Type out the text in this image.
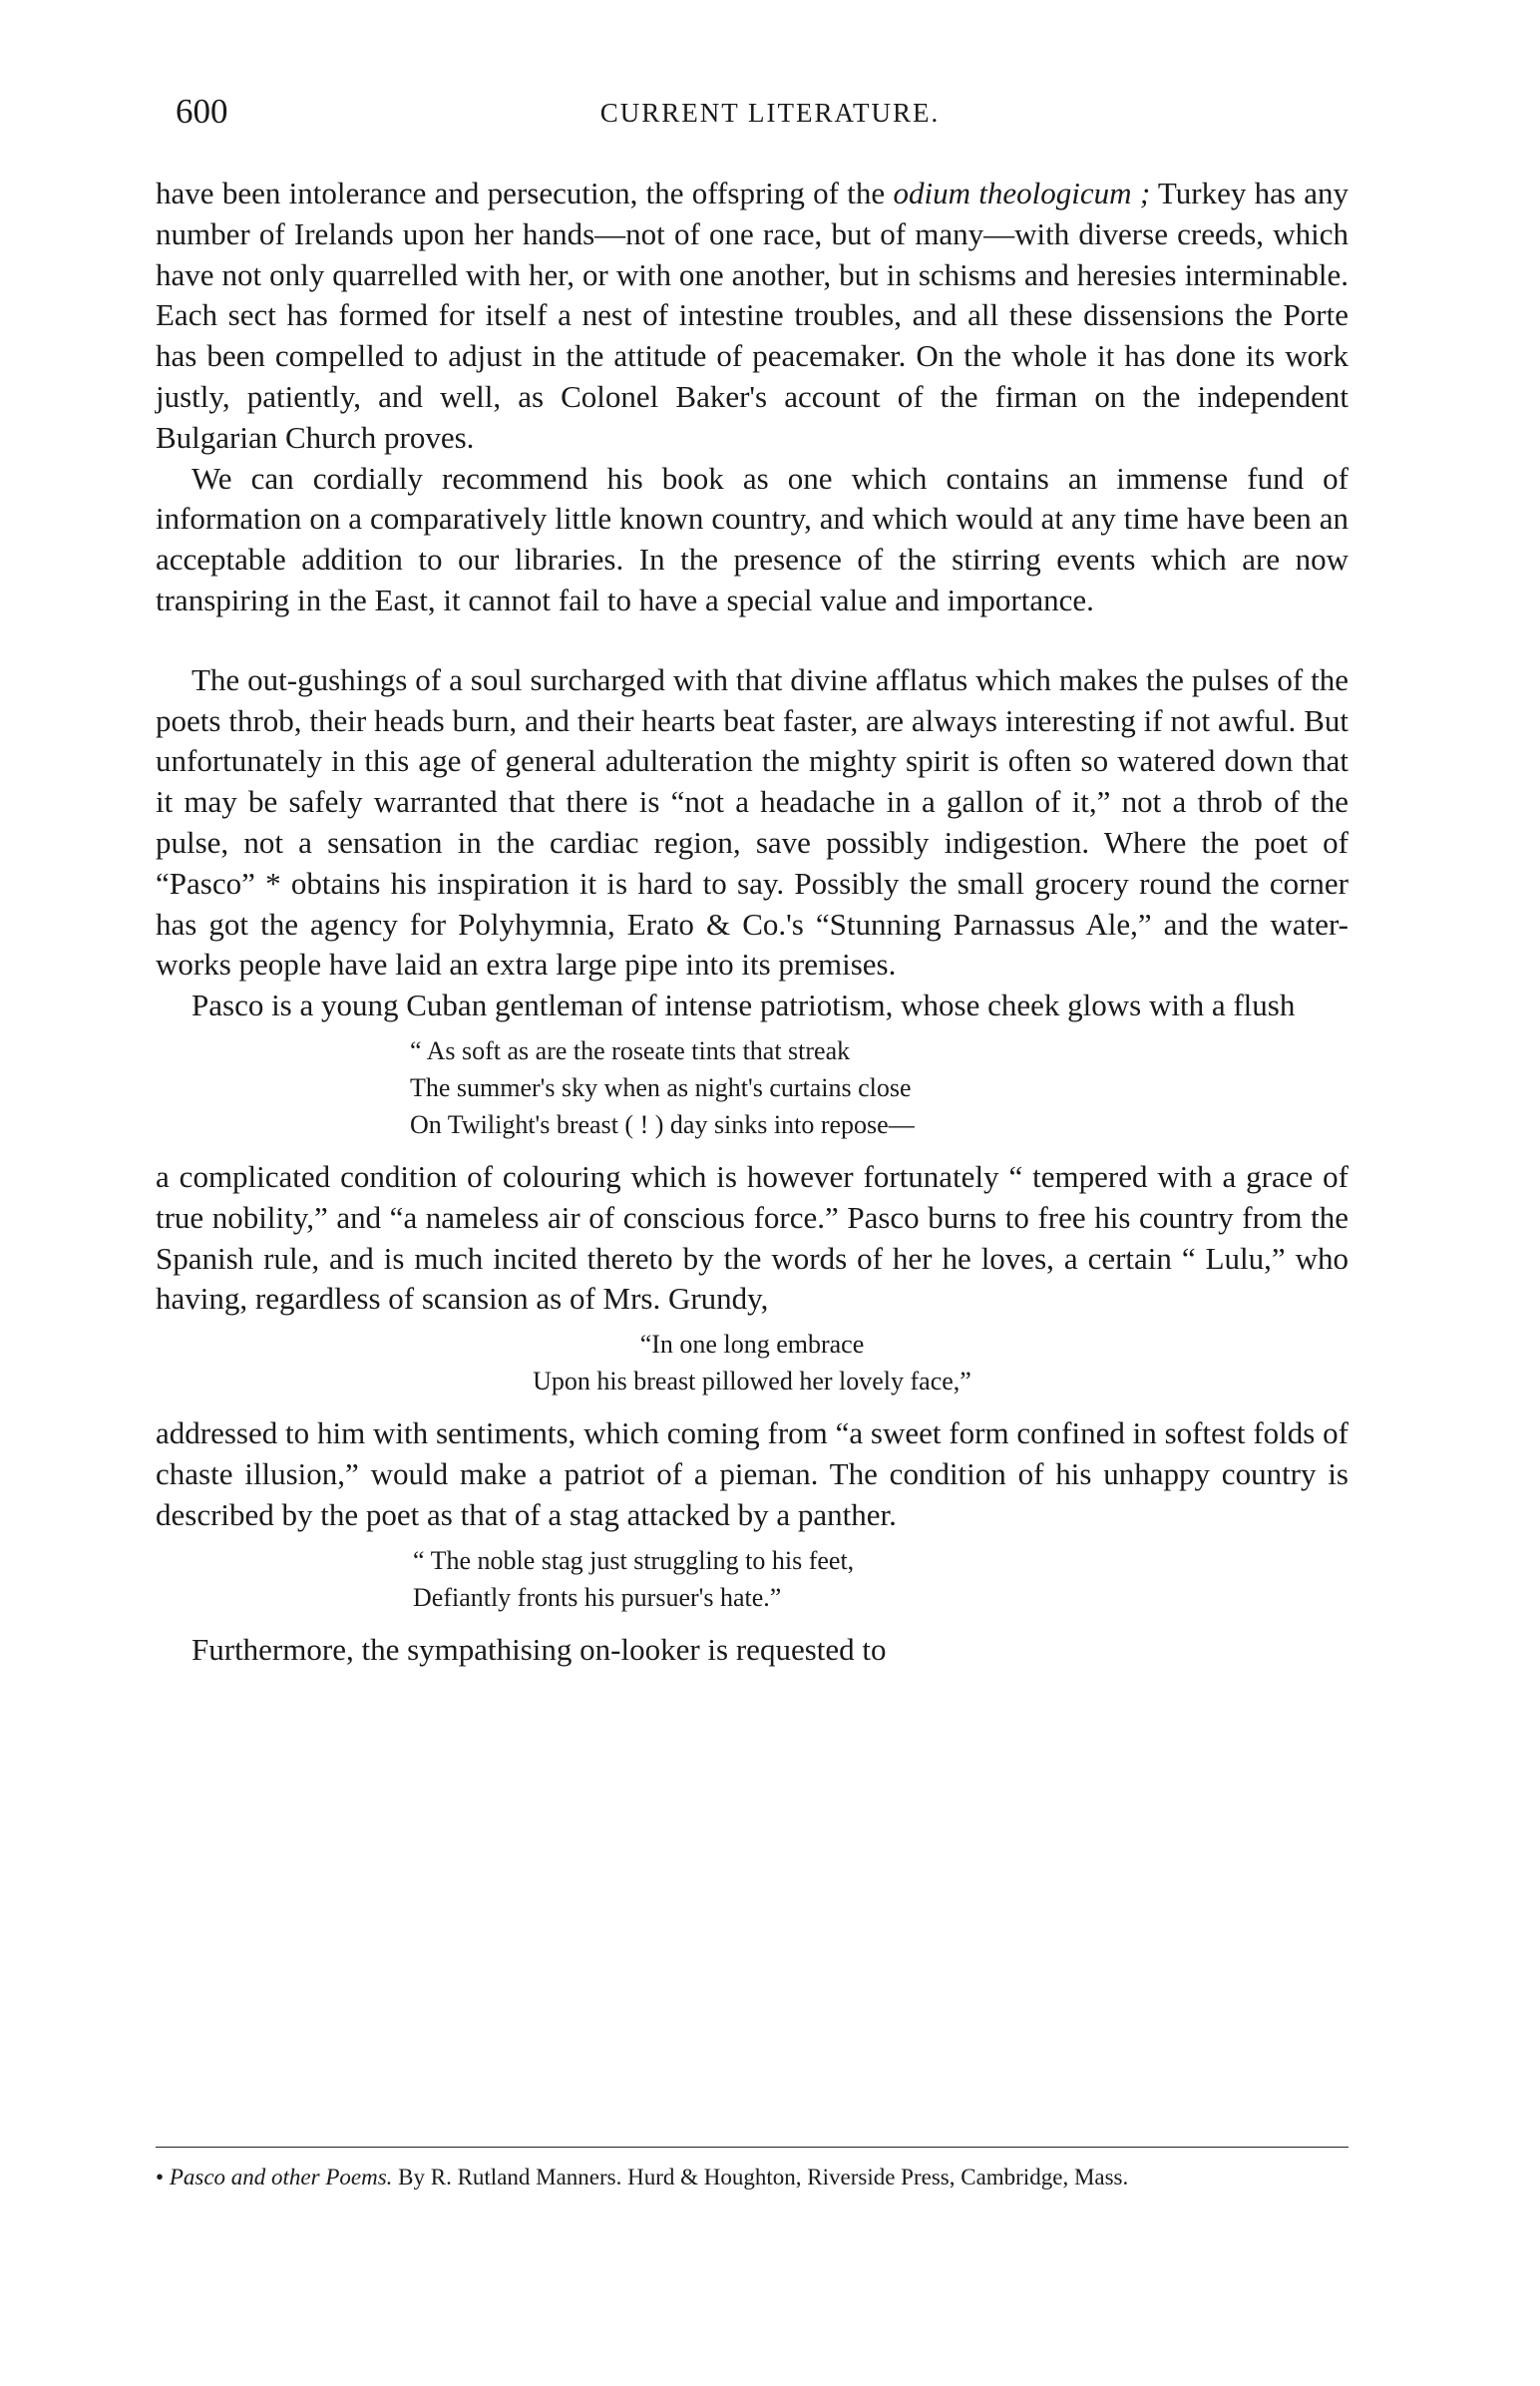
600	CURRENT LITERATURE.

have been intolerance and persecution, the offspring of the odium theologicum ; Turkey has any number of Irelands upon her hands—not of one race, but of many—with diverse creeds, which have not only quarrelled with her, or with one another, but in schisms and heresies interminable. Each sect has formed for itself a nest of intestine troubles, and all these dissensions the Porte has been compelled to adjust in the attitude of peacemaker. On the whole it has done its work justly, patiently, and well, as Colonel Baker's account of the firman on the independent Bulgarian Church proves.

We can cordially recommend his book as one which contains an immense fund of information on a comparatively little known country, and which would at any time have been an acceptable addition to our libraries. In the presence of the stirring events which are now transpiring in the East, it cannot fail to have a special value and importance.

The out-gushings of a soul surcharged with that divine afflatus which makes the pulses of the poets throb, their heads burn, and their hearts beat faster, are always interesting if not awful. But unfortunately in this age of general adulteration the mighty spirit is often so watered down that it may be safely warranted that there is “not a headache in a gallon of it,” not a throb of the pulse, not a sensation in the cardiac region, save possibly indigestion. Where the poet of “Pasco” * obtains his inspiration it is hard to say. Possibly the small grocery round the corner has got the agency for Polyhymnia, Erato & Co.'s “Stunning Parnassus Ale,” and the water-works people have laid an extra large pipe into its premises.

Pasco is a young Cuban gentleman of intense patriotism, whose cheek glows with a flush

“ As soft as are the roseate tints that streak
The summer's sky when as night's curtains close
On Twilight's breast ( ! ) day sinks into repose—

a complicated condition of colouring which is however fortunately “ tempered with a grace of true nobility,” and “a nameless air of conscious force.” Pasco burns to free his country from the Spanish rule, and is much incited thereto by the words of her he loves, a certain “ Lulu,” who having, regardless of scansion as of Mrs. Grundy,

“In one long embrace
Upon his breast pillowed her lovely face,”

addressed to him with sentiments, which coming from “a sweet form confined in softest folds of chaste illusion,” would make a patriot of a pieman. The condition of his unhappy country is described by the poet as that of a stag attacked by a panther.

“ The noble stag just struggling to his feet,
Defiantly fronts his pursuer's hate.”

Furthermore, the sympathising on-looker is requested to

• Pasco and other Poems. By R. Rutland Manners. Hurd & Houghton, Riverside Press, Cambridge, Mass.
